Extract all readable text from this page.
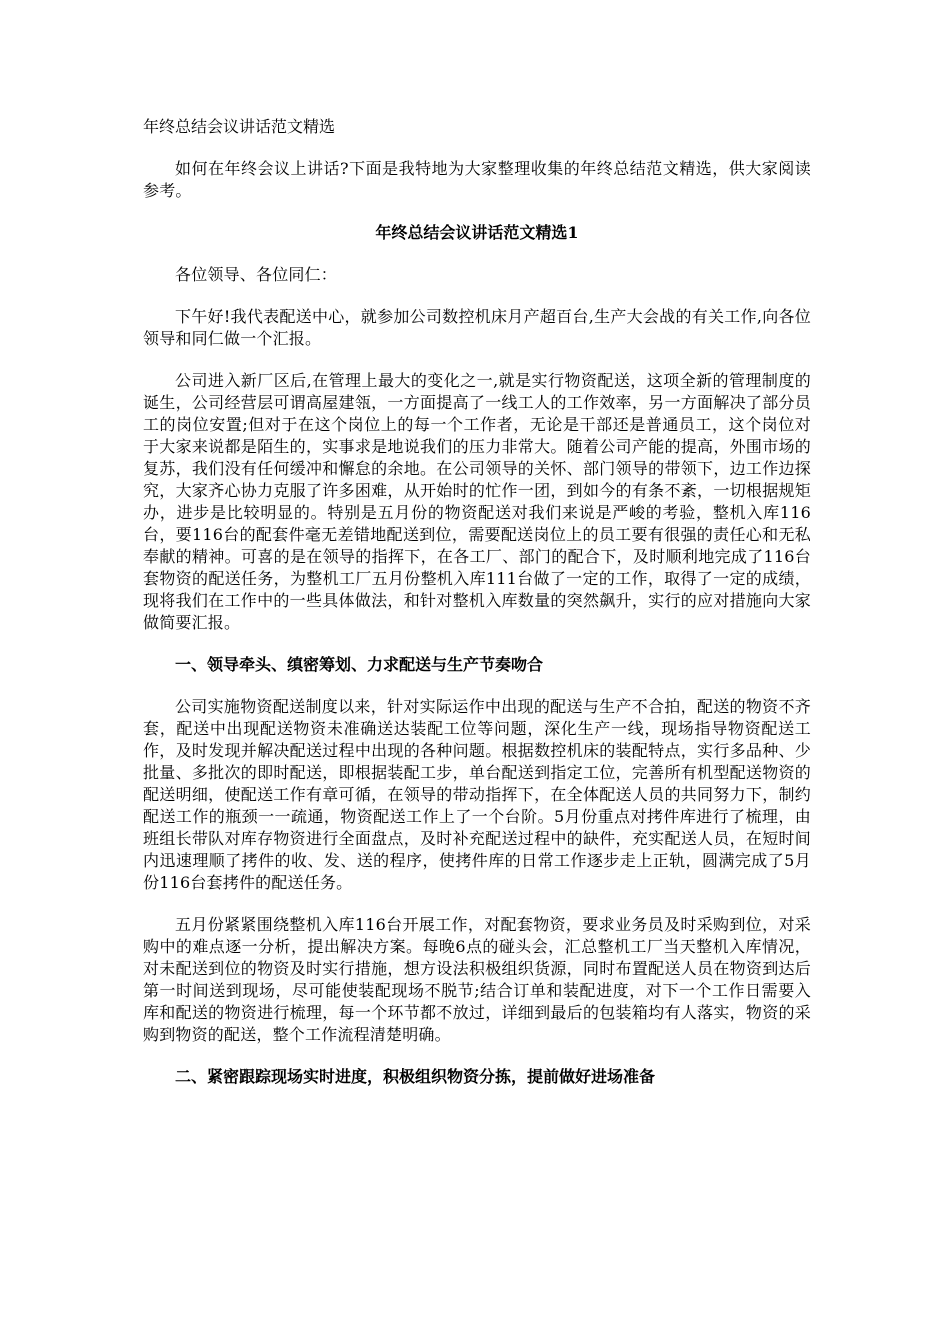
年终总结会议讲话范文精选

如何在年终会议上讲话?下面是我特地为大家整理收集的年终总结范文精选，供大家阅读参考。

年终总结会议讲话范文精选1

各位领导、各位同仁：

下午好!我代表配送中心，就参加公司数控机床月产超百台,生产大会战的有关工作,向各位领导和同仁做一个汇报。

公司进入新厂区后,在管理上最大的变化之一,就是实行物资配送，这项全新的管理制度的诞生，公司经营层可谓高屋建瓴，一方面提高了一线工人的工作效率，另一方面解决了部分员工的岗位安置;但对于在这个岗位上的每一个工作者，无论是干部还是普通员工，这个岗位对于大家来说都是陌生的，实事求是地说我们的压力非常大。随着公司产能的提高，外围市场的复苏，我们没有任何缓冲和懈怠的余地。在公司领导的关怀、部门领导的带领下，边工作边探究，大家齐心协力克服了许多困难，从开始时的忙作一团，到如今的有条不紊，一切根据规矩办，进步是比较明显的。特别是五月份的物资配送对我们来说是严峻的考验，整机入库116台，要116台的配套件毫无差错地配送到位，需要配送岗位上的员工要有很强的责任心和无私奉献的精神。可喜的是在领导的指挥下，在各工厂、部门的配合下，及时顺利地完成了116台套物资的配送任务，为整机工厂五月份整机入库111台做了一定的工作，取得了一定的成绩，现将我们在工作中的一些具体做法，和针对整机入库数量的突然飙升，实行的应对措施向大家做简要汇报。

一、领导牵头、缜密筹划、力求配送与生产节奏吻合

公司实施物资配送制度以来，针对实际运作中出现的配送与生产不合拍，配送的物资不齐套，配送中出现配送物资未准确送达装配工位等问题，深化生产一线，现场指导物资配送工作，及时发现并解决配送过程中出现的各种问题。根据数控机床的装配特点，实行多品种、少批量、多批次的即时配送，即根据装配工步，单台配送到指定工位，完善所有机型配送物资的配送明细，使配送工作有章可循，在领导的带动指挥下，在全体配送人员的共同努力下，制约配送工作的瓶颈一一疏通，物资配送工作上了一个台阶。5月份重点对拷件库进行了梳理，由班组长带队对库存物资进行全面盘点，及时补充配送过程中的缺件，充实配送人员，在短时间内迅速理顺了拷件的收、发、送的程序，使拷件库的日常工作逐步走上正轨，圆满完成了5月份116台套拷件的配送任务。

五月份紧紧围绕整机入库116台开展工作，对配套物资，要求业务员及时采购到位，对采购中的难点逐一分析，提出解决方案。每晚6点的碰头会，汇总整机工厂当天整机入库情况，对未配送到位的物资及时实行措施，想方设法积极组织货源，同时布置配送人员在物资到达后第一时间送到现场，尽可能使装配现场不脱节;结合订单和装配进度，对下一个工作日需要入库和配送的物资进行梳理，每一个环节都不放过，详细到最后的包装箱均有人落实，物资的采购到物资的配送，整个工作流程清楚明确。

二、紧密跟踪现场实时进度，积极组织物资分拣，提前做好进场准备
